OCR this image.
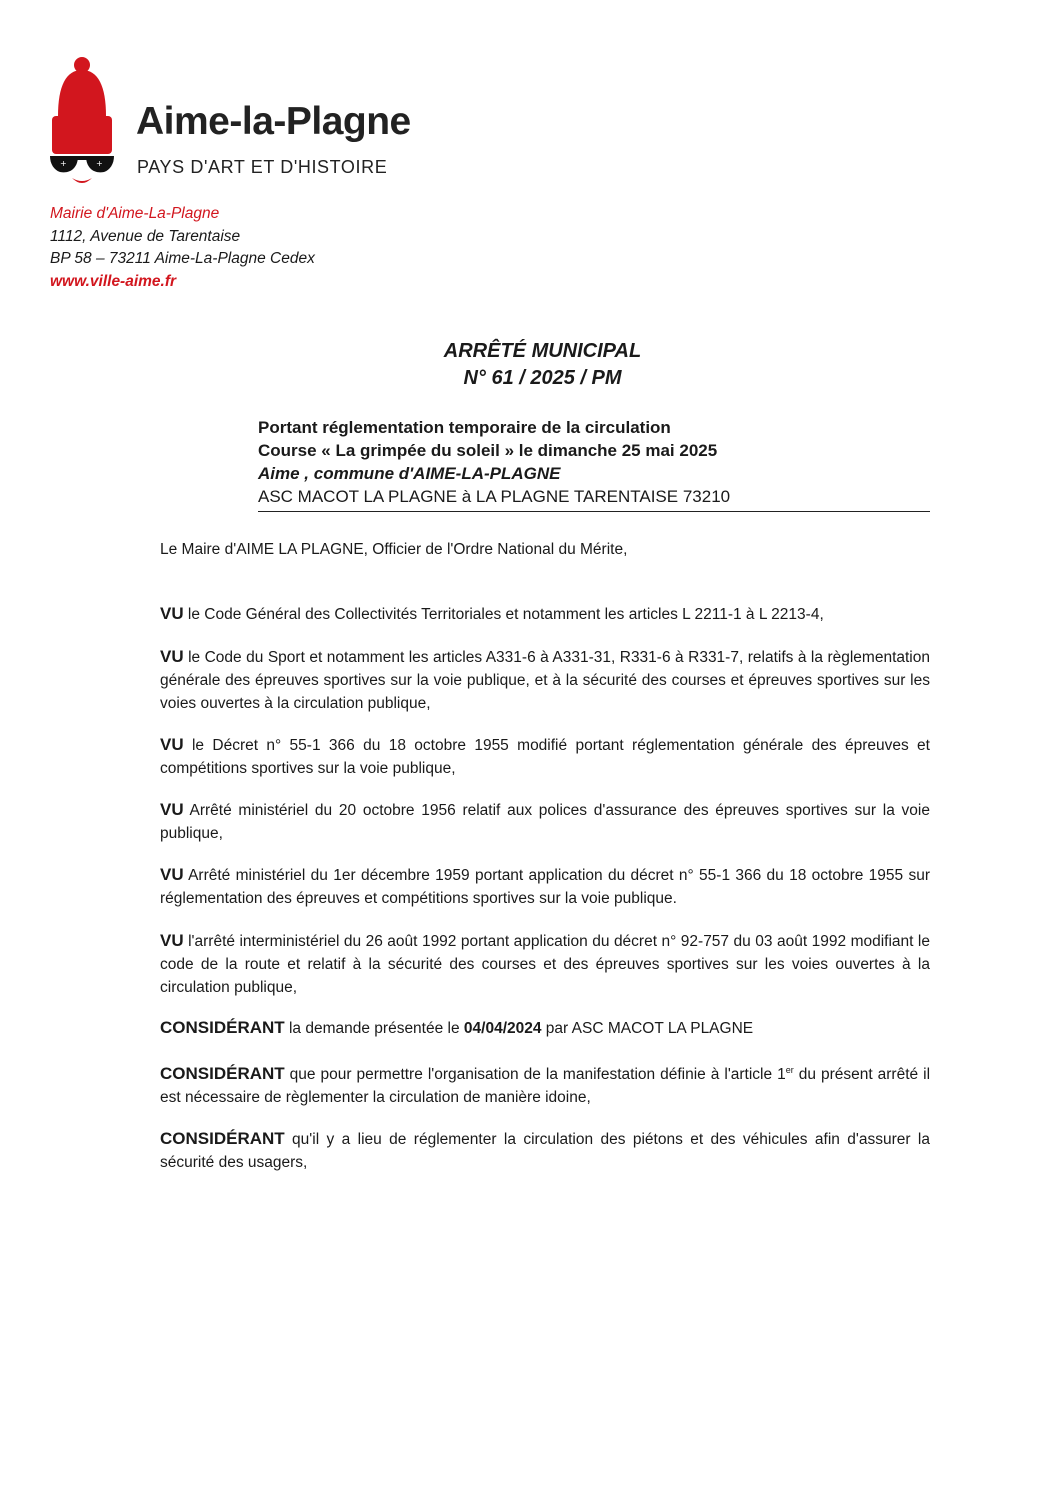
+	+
Aime-la-Plagne
PAYS D'ART ET D'HISTOIRE
Mairie d'Aime-La-Plagne
1112, Avenue de Tarentaise
BP 58 – 73211 Aime-La-Plagne Cedex
www.ville-aime.fr
ARRÊTÉ MUNICIPAL
N° 61 / 2025 / PM
Portant réglementation temporaire de la circulation
Course « La grimpée du soleil » le dimanche 25 mai 2025
Aime , commune d'AIME-LA-PLAGNE
ASC MACOT LA PLAGNE à LA PLAGNE TARENTAISE 73210
Le Maire d'AIME LA PLAGNE, Officier de l'Ordre National du Mérite,
VU le Code Général des Collectivités Territoriales et notamment les articles L 2211-1 à L 2213-4,
VU le Code du Sport et notamment les articles A331-6 à A331-31, R331-6 à R331-7, relatifs à la règlementation générale des épreuves sportives sur la voie publique, et à la sécurité des courses et épreuves sportives sur les voies ouvertes à la circulation publique,
VU le Décret n° 55-1 366 du 18 octobre 1955 modifié portant réglementation générale des épreuves et compétitions sportives sur la voie publique,
VU Arrêté ministériel du 20 octobre 1956 relatif aux polices d'assurance des épreuves sportives sur la voie publique,
VU Arrêté ministériel du 1er décembre 1959 portant application du décret n° 55-1 366 du 18 octobre 1955 sur réglementation des épreuves et compétitions sportives sur la voie publique.
VU l'arrêté interministériel du 26 août 1992 portant application du décret n° 92-757 du 03 août 1992 modifiant le code de la route et relatif à la sécurité des courses et des épreuves sportives sur les voies ouvertes à la circulation publique,
CONSIDÉRANT la demande présentée le 04/04/2024 par ASC MACOT LA PLAGNE
CONSIDÉRANT que pour permettre l'organisation de la manifestation définie à l'article 1er du présent arrêté il est nécessaire de règlementer la circulation de manière idoine,
CONSIDÉRANT qu'il y a lieu de réglementer la circulation des piétons et des véhicules afin d'assurer la sécurité des usagers,
